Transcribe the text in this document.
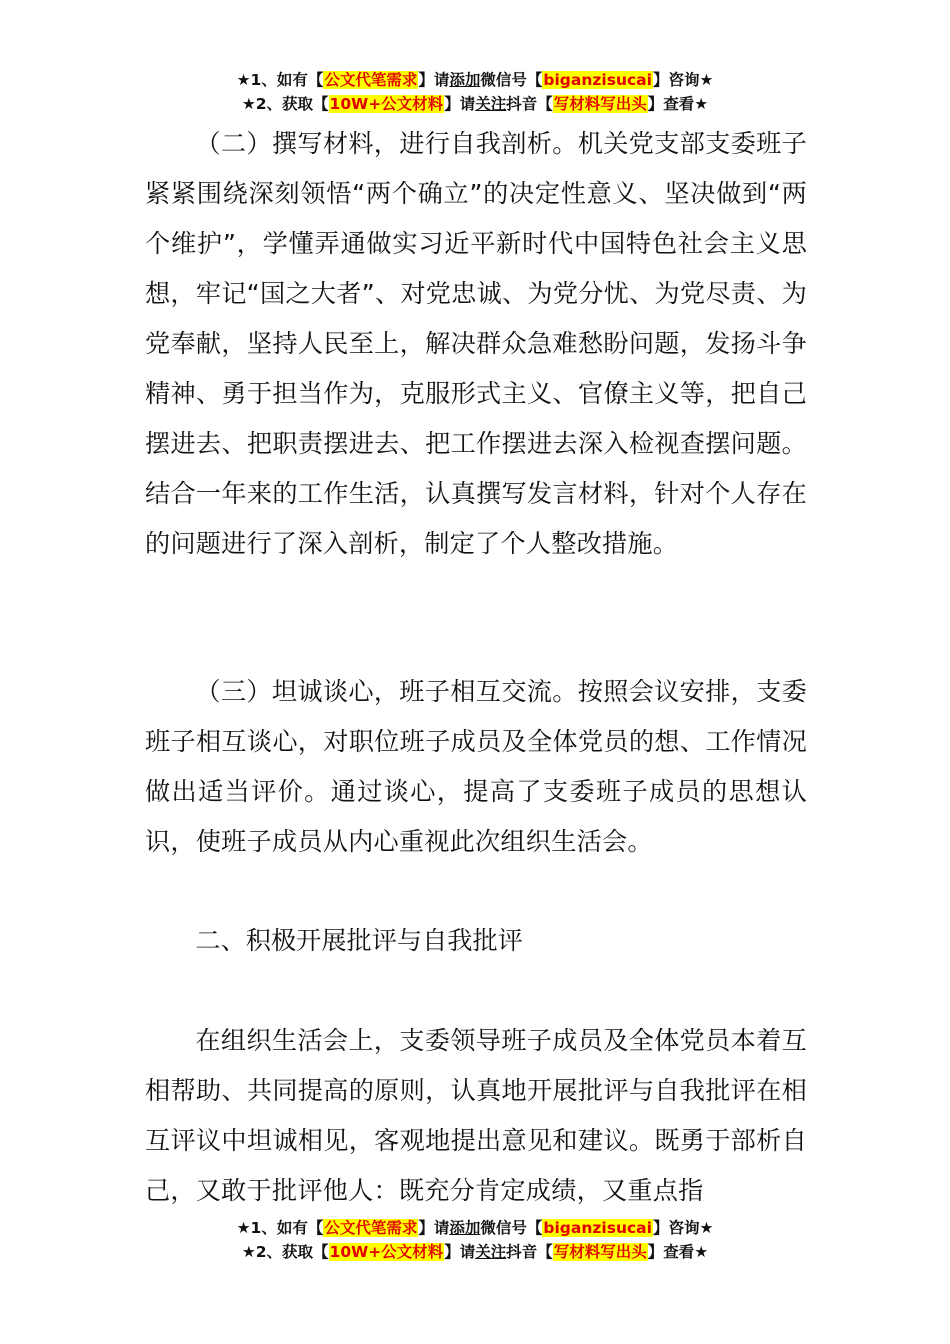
★1、如有【公文代笔需求】请添加微信号【biganzisucai】咨询★
★2、获取【10W+公文材料】请关注抖音【写材料写出头】查看★

（二）撰写材料，进行自我剖析。机关党支部支委班子紧紧围绕深刻领悟“两个确立”的决定性意义、坚决做到“两个维护”，学懂弄通做实习近平新时代中国特色社会主义思想，牢记“国之大者”、对党忠诚、为党分忧、为党尽责、为党奉献，坚持人民至上，解决群众急难愁盼问题，发扬斗争精神、勇于担当作为，克服形式主义、官僚主义等，把自己摆进去、把职责摆进去、把工作摆进去深入检视查摆问题。结合一年来的工作生活，认真撰写发言材料，针对个人存在的问题进行了深入剖析，制定了个人整改措施。

（三）坦诚谈心，班子相互交流。按照会议安排，支委班子相互谈心，对职位班子成员及全体党员的想、工作情况做出适当评价。通过谈心，提高了支委班子成员的思想认识，使班子成员从内心重视此次组织生活会。

二、积极开展批评与自我批评

在组织生活会上，支委领导班子成员及全体党员本着互相帮助、共同提高的原则，认真地开展批评与自我批评在相互评议中坦诚相见，客观地提出意见和建议。既勇于部析自己，又敢于批评他人：既充分肯定成绩，又重点指

★1、如有【公文代笔需求】请添加微信号【biganzisucai】咨询★
★2、获取【10W+公文材料】请关注抖音【写材料写出头】查看★
